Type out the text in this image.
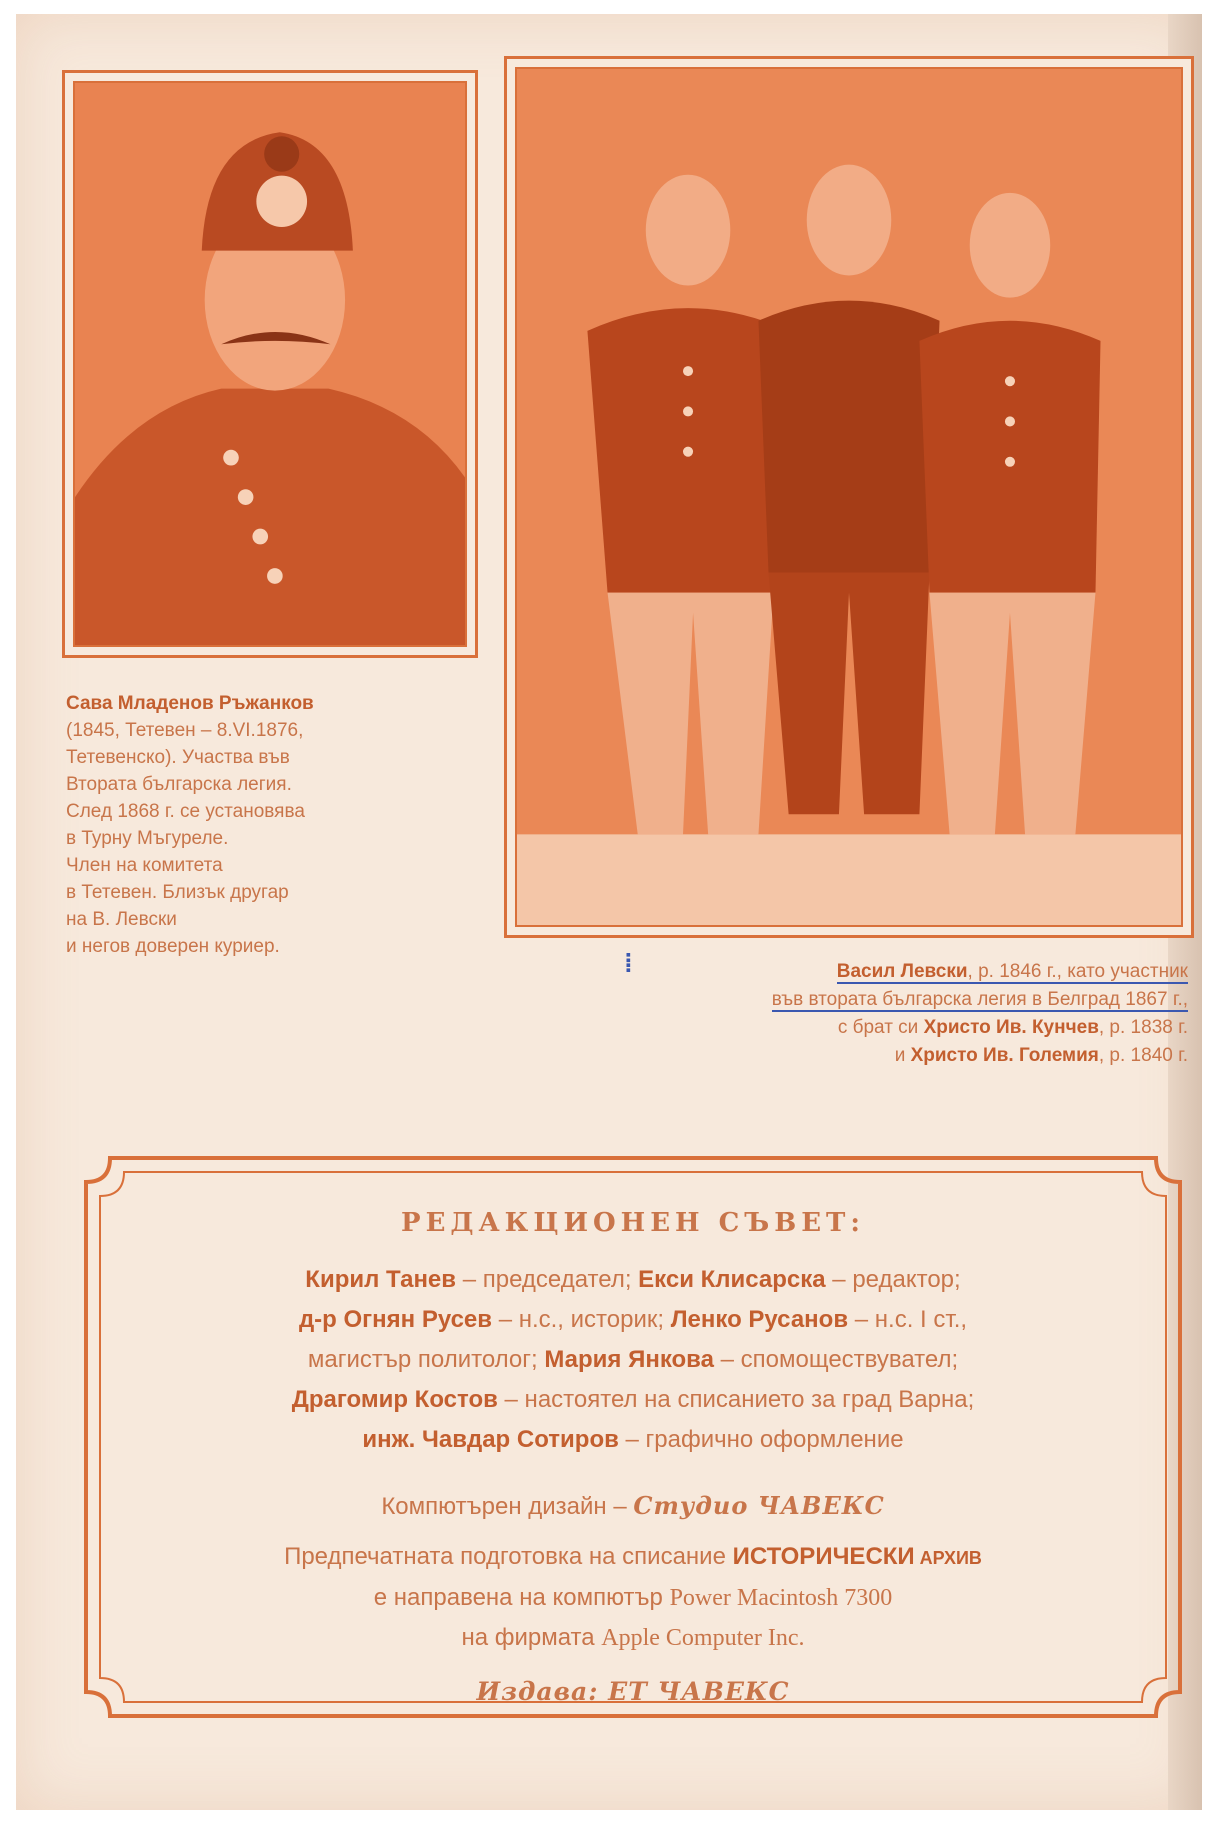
Сава Младенов Ръжанков
(1845, Тетевен – 8.VI.1876,
Тетевенско). Участва във
Втората българска легия.
След 1868 г. се установява
в Турну Мъгуреле.
Член на комитета
в Тетевен. Близък другар
на В. Левски
и негов доверен куриер.
⁞	Васил Левски, р. 1846 г., като участник
във втората българска легия в Белград 1867 г.,
с брат си Христо Ив. Кунчев, р. 1838 г.
и Христо Ив. Големия, р. 1840 г.
РЕДАКЦИОНЕН СЪВЕТ:
Кирил Танев – председател; Екси Клисарска – редактор;
д-р Огнян Русев – н.с., историк; Ленко Русанов – н.с. I ст.,
магистър политолог; Мария Янкова – спомоществувател;
Драгомир Костов – настоятел на списанието за град Варна;
инж. Чавдар Сотиров – графично оформление
Компютърен дизайн – Студио ЧАВЕКС
Предпечатната подготовка на списание ИСТОРИЧЕСКИ АРХИВ
е направена на компютър Power Macintosh 7300
на фирмата Apple Computer Inc.
Издава: ЕТ ЧАВЕКС
